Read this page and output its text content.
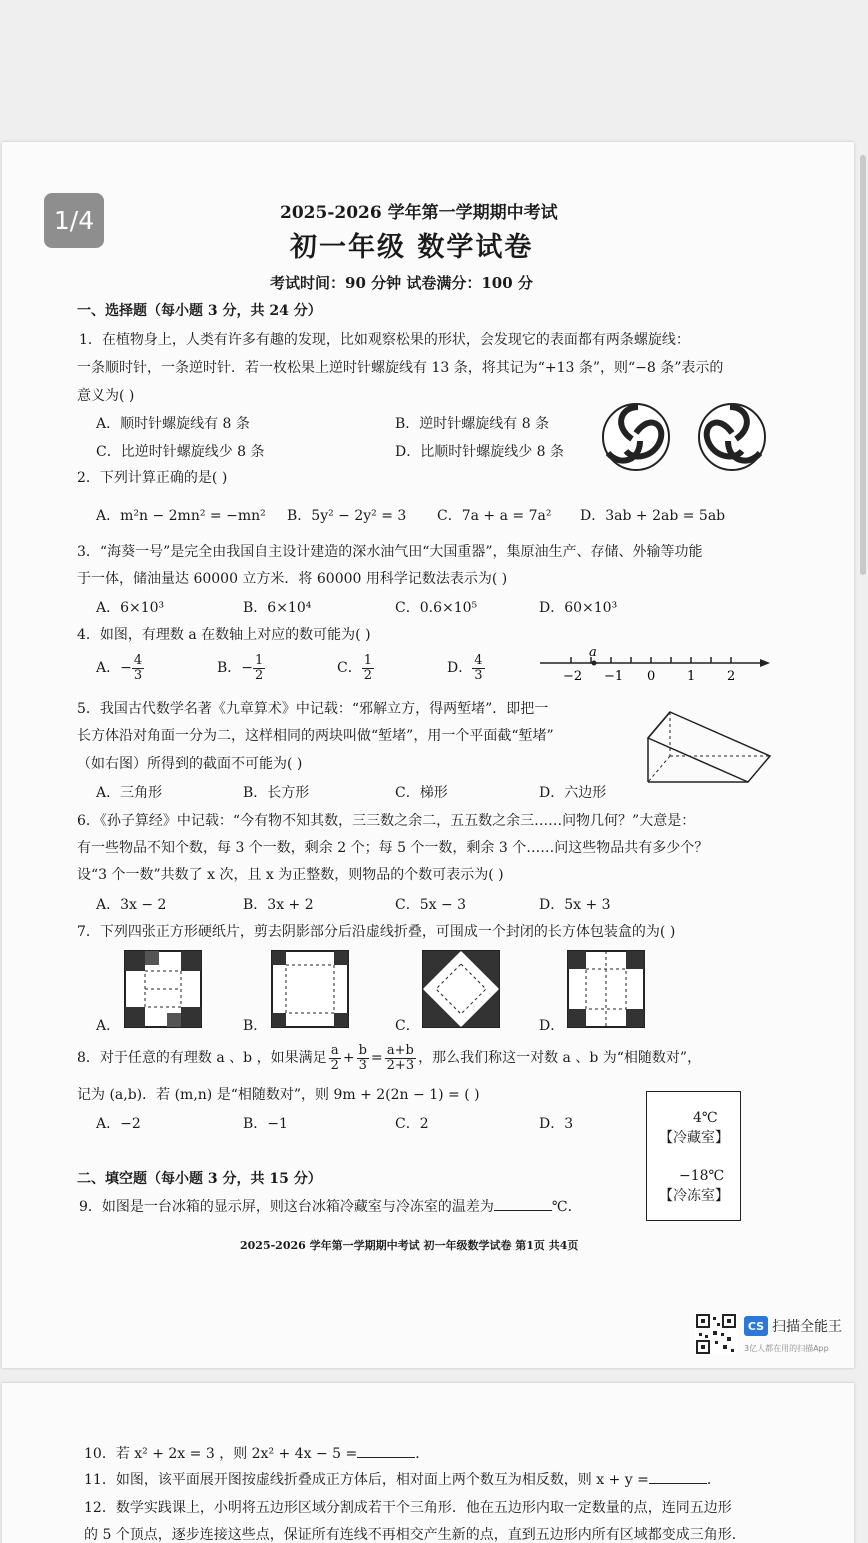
1/4	2025-2026 学年第一学期期中考试
初一年级 数学试卷
考试时间：90 分钟 试卷满分：100 分
一、选择题（每小题 3 分，共 24 分）
1．在植物身上，人类有许多有趣的发现，比如观察松果的形状，会发现它的表面都有两条螺旋线：
一条顺时针，一条逆时针．若一枚松果上逆时针螺旋线有 13 条，将其记为“+13 条”，则“−8 条”表示的
意义为( )
A．顺时针螺旋线有 8 条	B．逆时针螺旋线有 8 条
C．比逆时针螺旋线少 8 条	D．比顺时针螺旋线少 8 条
2．下列计算正确的是( )
A．m²n − 2mn² = −mn² B．5y² − 2y² = 3 C．7a + a = 7a² D．3ab + 2ab = 5ab
3．“海葵一号”是完全由我国自主设计建造的深水油气田“大国重器”，集原油生产、存储、外输等功能
于一体，储油量达 60000 立方米．将 60000 用科学记数法表示为( )
A．6×10³	B．6×10⁴	C．0.6×10⁵	D．60×10³
4．如图，有理数 a 在数轴上对应的数可能为( )
A．− $\frac{4}{3}$	B．− $\frac{1}{2}$	C． $\frac{1}{2}$	D． $\frac{4}{3}$
a
−2 −1 0 1 2
5．我国古代数学名著《九章算术》中记载：“邪解立方，得两堑堵”．即把一
长方体沿对角面一分为二，这样相同的两块叫做“堑堵”，用一个平面截“堑堵”
（如右图）所得到的截面不可能为( )
A．三角形	B．长方形	C．梯形	D．六边形
6．《孙子算经》中记载：“今有物不知其数，三三数之余二，五五数之余三……问物几何？”大意是：
有一些物品不知个数，每 3 个一数，剩余 2 个；每 5 个一数，剩余 3 个……问这些物品共有多少个？
设“3 个一数”共数了 x 次，且 x 为正整数，则物品的个数可表示为( )
A．3x − 2	B．3x + 2	C．5x − 3	D．5x + 3
7．下列四张正方形硬纸片，剪去阴影部分后沿虚线折叠，可围成一个封闭的长方体包装盒的为( )
A．	B．	C．	D．
8．对于任意的有理数 a 、b ，如果满足 $\frac{a}{2} + \frac{b}{3} = \frac{a+b}{2+3}$ ，那么我们称这一对数 a 、b 为“相随数对”，
记为 (a,b)．若 (m,n) 是“相随数对”，则 9m + 2(2n − 1) = ( )
A．−2	B．−1	C．2	D．3	4℃
【冷藏室】
−18℃
【冷冻室】
二、填空题（每小题 3 分，共 15 分）
9．如图是一台冰箱的显示屏，则这台冰箱冷藏室与冷冻室的温差为	℃．
2025-2026 学年第一学期期中考试 初一年级数学试卷 第1页 共4页
CS 扫描全能王
3亿人都在用的扫描App
10．若 x² + 2x = 3 ，则 2x² + 4x − 5 =	．
11．如图，该平面展开图按虚线折叠成正方体后，相对面上两个数互为相反数，则 x + y =	．
12．数学实践课上，小明将五边形区域分割成若干个三角形．他在五边形内取一定数量的点，连同五边形
的 5 个顶点，逐步连接这些点，保证所有连线不再相交产生新的点，直到五边形内所有区域都变成三角形．
